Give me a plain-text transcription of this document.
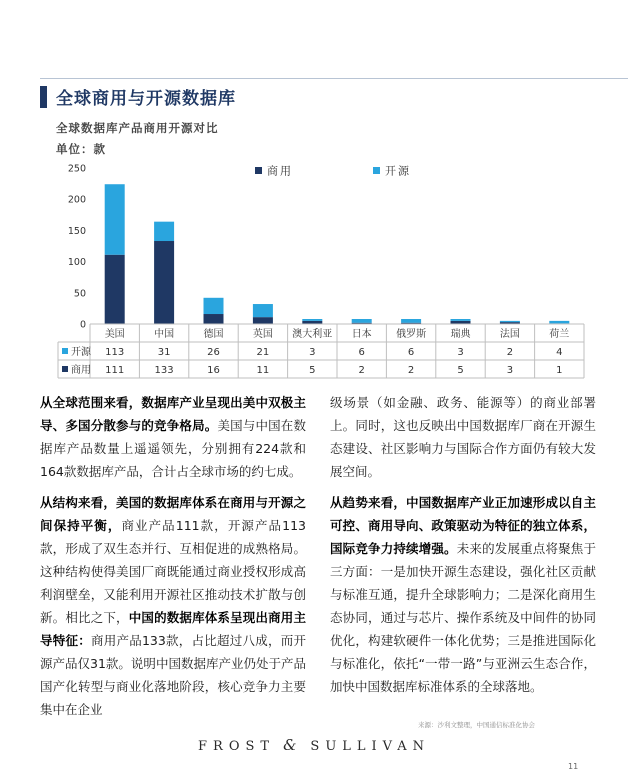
全球商用与开源数据库
全球数据库产品商用开源对比
单位：款
0
50
100
150
200
250
美国	中国	德国	英国 澳大利亚 日本 俄罗斯 瑞典	法国	荷兰
开源 113	31	26	21	3	6	6	3	2	4
商用 111	133	16	11	5	2	2	5	3	1
商用	开源

从全球范围来看，数据库产业呈现出美中双极主导、多国分散参与的竞争格局。美国与中国在数据库产品数量上遥遥领先，分别拥有224款和164款数据库产品，合计占全球市场的约七成。

从结构来看，美国的数据库体系在商用与开源之间保持平衡，商业产品111款，开源产品113款，形成了双生态并行、互相促进的成熟格局。这种结构使得美国厂商既能通过商业授权形成高利润壁垒，又能利用开源社区推动技术扩散与创新。相比之下，中国的数据库体系呈现出商用主导特征：商用产品133款，占比超过八成，而开源产品仅31款。说明中国数据库产业仍处于产品国产化转型与商业化落地阶段，核心竞争力主要集中在企业

级场景（如金融、政务、能源等）的商业部署上。同时，这也反映出中国数据库厂商在开源生态建设、社区影响力与国际合作方面仍有较大发展空间。

从趋势来看，中国数据库产业正加速形成以自主可控、商用导向、政策驱动为特征的独立体系，国际竞争力持续增强。未来的发展重点将聚焦于三方面：一是加快开源生态建设，强化社区贡献与标准互通，提升全球影响力；二是深化商用生态协同，通过与芯片、操作系统及中间件的协同优化，构建软硬件一体化优势；三是推进国际化与标准化，依托“一带一路”与亚洲云生态合作，加快中国数据库标准体系的全球落地。

来源：沙利文整理，中国通信标准化协会
FROST & SULLIVAN
11
